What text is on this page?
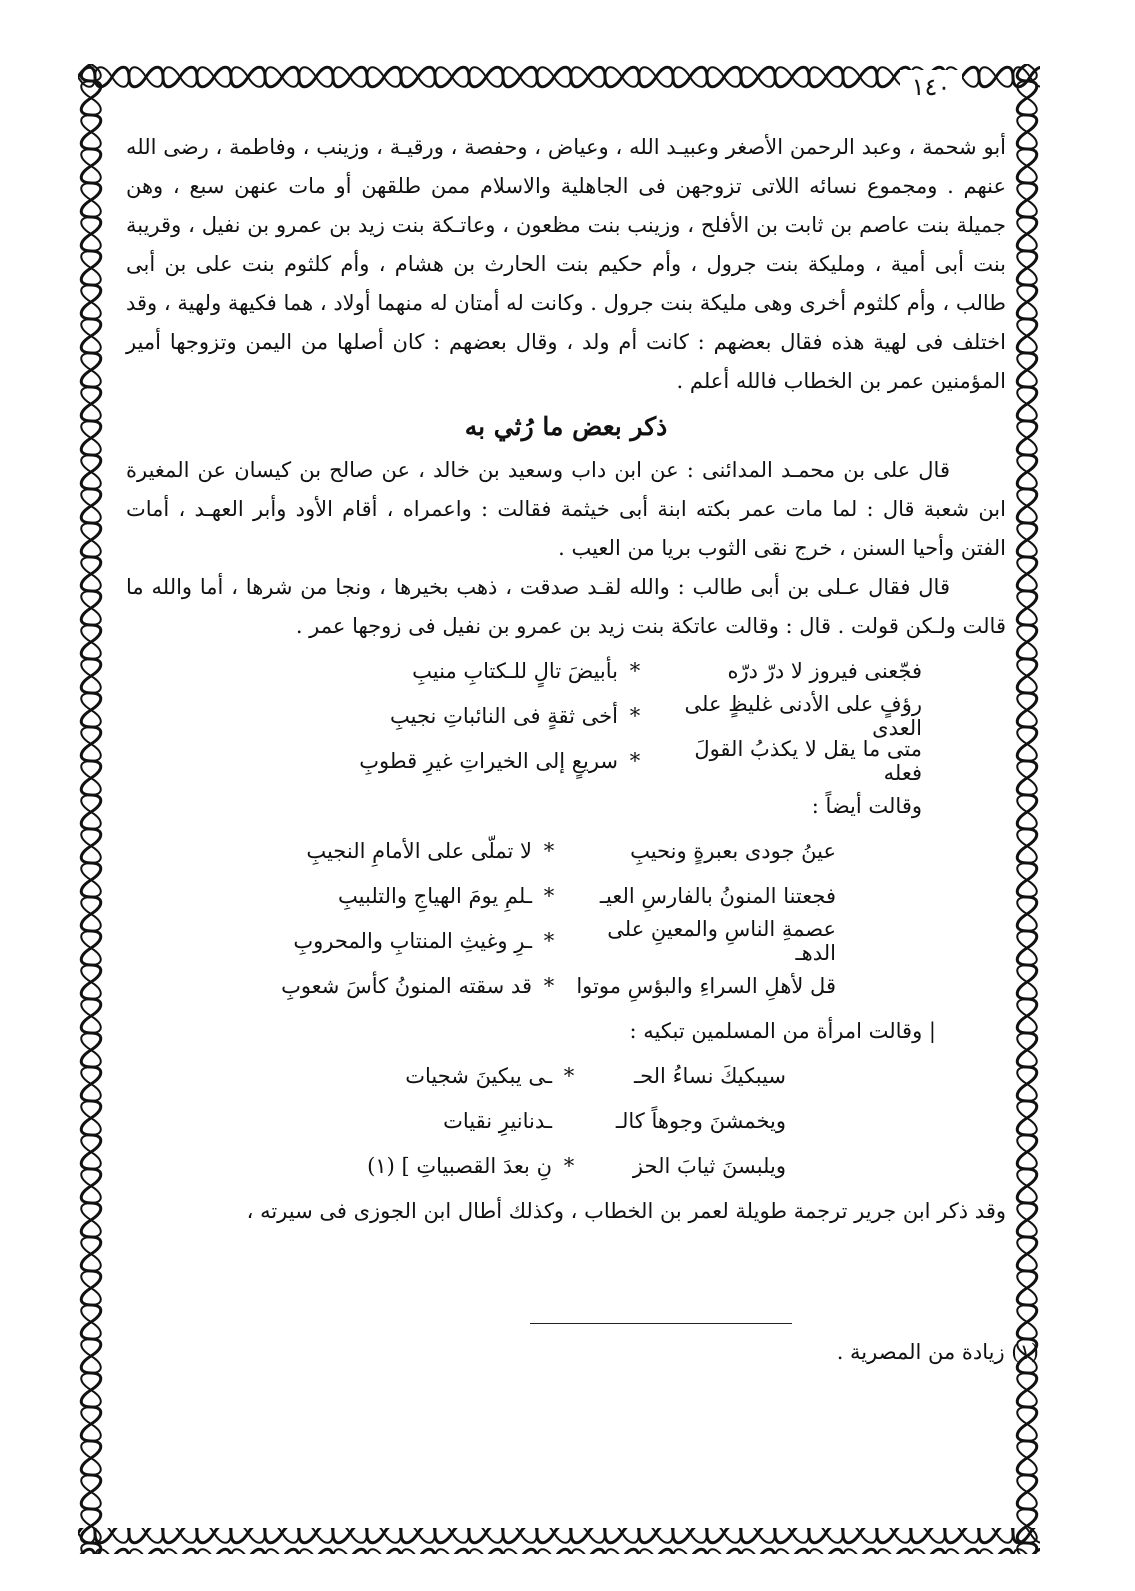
١٤٠

أبو شحمة ، وعبد الرحمن الأصغر وعبيـد الله ، وعياض ، وحفصة ، ورقيـة ، وزينب ، وفاطمة ، رضى الله عنهم . ومجموع نسائه اللاتى تزوجهن فى الجاهلية والاسلام ممن طلقهن أو مات عنهن سبع ، وهن جميلة بنت عاصم بن ثابت بن الأفلح ، وزينب بنت مظعون ، وعاتـكة بنت زيد بن عمرو بن نفيل ، وقريبة بنت أبى أمية ، ومليكة بنت جرول ، وأم حكيم بنت الحارث بن هشام ، وأم كلثوم بنت على بن أبى طالب ، وأم كلثوم أخرى وهى مليكة بنت جرول . وكانت له أمتان له منهما أولاد ، هما فكيهة ولهية ، وقد اختلف فى لهية هذه فقال بعضهم : كانت أم ولد ، وقال بعضهم : كان أصلها من اليمن وتزوجها أمير المؤمنين عمر بن الخطاب فالله أعلم .

ذكر بعض ما رُثي به

قال على بن محمـد المدائنى : عن ابن داب وسعيد بن خالد ، عن صالح بن كيسان عن المغيرة ابن شعبة قال : لما مات عمر بكته ابنة أبى خيثمة فقالت : واعمراه ، أقام الأود وأبر العهـد ، أمات الفتن وأحيا السنن ، خرج نقى الثوب بريا من العيب .

قال فقال عـلى بن أبى طالب : والله لقـد صدقت ، ذهب بخيرها ، ونجا من شرها ، أما والله ما قالت ولـكن قولت . قال : وقالت عاتكة بنت زيد بن عمرو بن نفيل فى زوجها عمر .

فجّعنى فيروز لا درّ درّه
*
بأبيضَ تالٍ للـكتابِ منيبِ
رؤفٍ على الأدنى غليظٍ على العدى
*
أخى ثقةٍ فى النائباتِ نجيبِ
متى ما يقل لا يكذبُ القولَ فعله
*
سريعٍ إلى الخيراتِ غيرِ قطوبِ

وقالت أيضاً :

عينُ جودى بعبرةٍ ونحيبِ
*
لا تملّى على الأمامِ النجيبِ
فجعتنا المنونُ بالفارسِ العيـ
*
ـلمِ يومَ الهياجِ والتلبيبِ
عصمةِ الناسِ والمعينِ على الدهـ
*
ـرِ وغيثِ المنتابِ والمحروبِ
قل لأهلِ السراءِ والبؤسِ موتوا
*
قد سقته المنونُ كأسَ شعوبِ

| وقالت امرأة من المسلمين تبكيه :

سيبكيكَ نساءُ الحـ
*
ـى يبكينَ شجيات
ويخمشنَ وجوهاً كالـ

ـدنانيرِ نقيات
ويلبسنَ ثيابَ الحز
*
نِ بعدَ القصبياتِ ] (١)

وقد ذكر ابن جرير ترجمة طويلة لعمر بن الخطاب ، وكذلك أطال ابن الجوزى فى سيرته ،

(١) زيادة من المصرية .
